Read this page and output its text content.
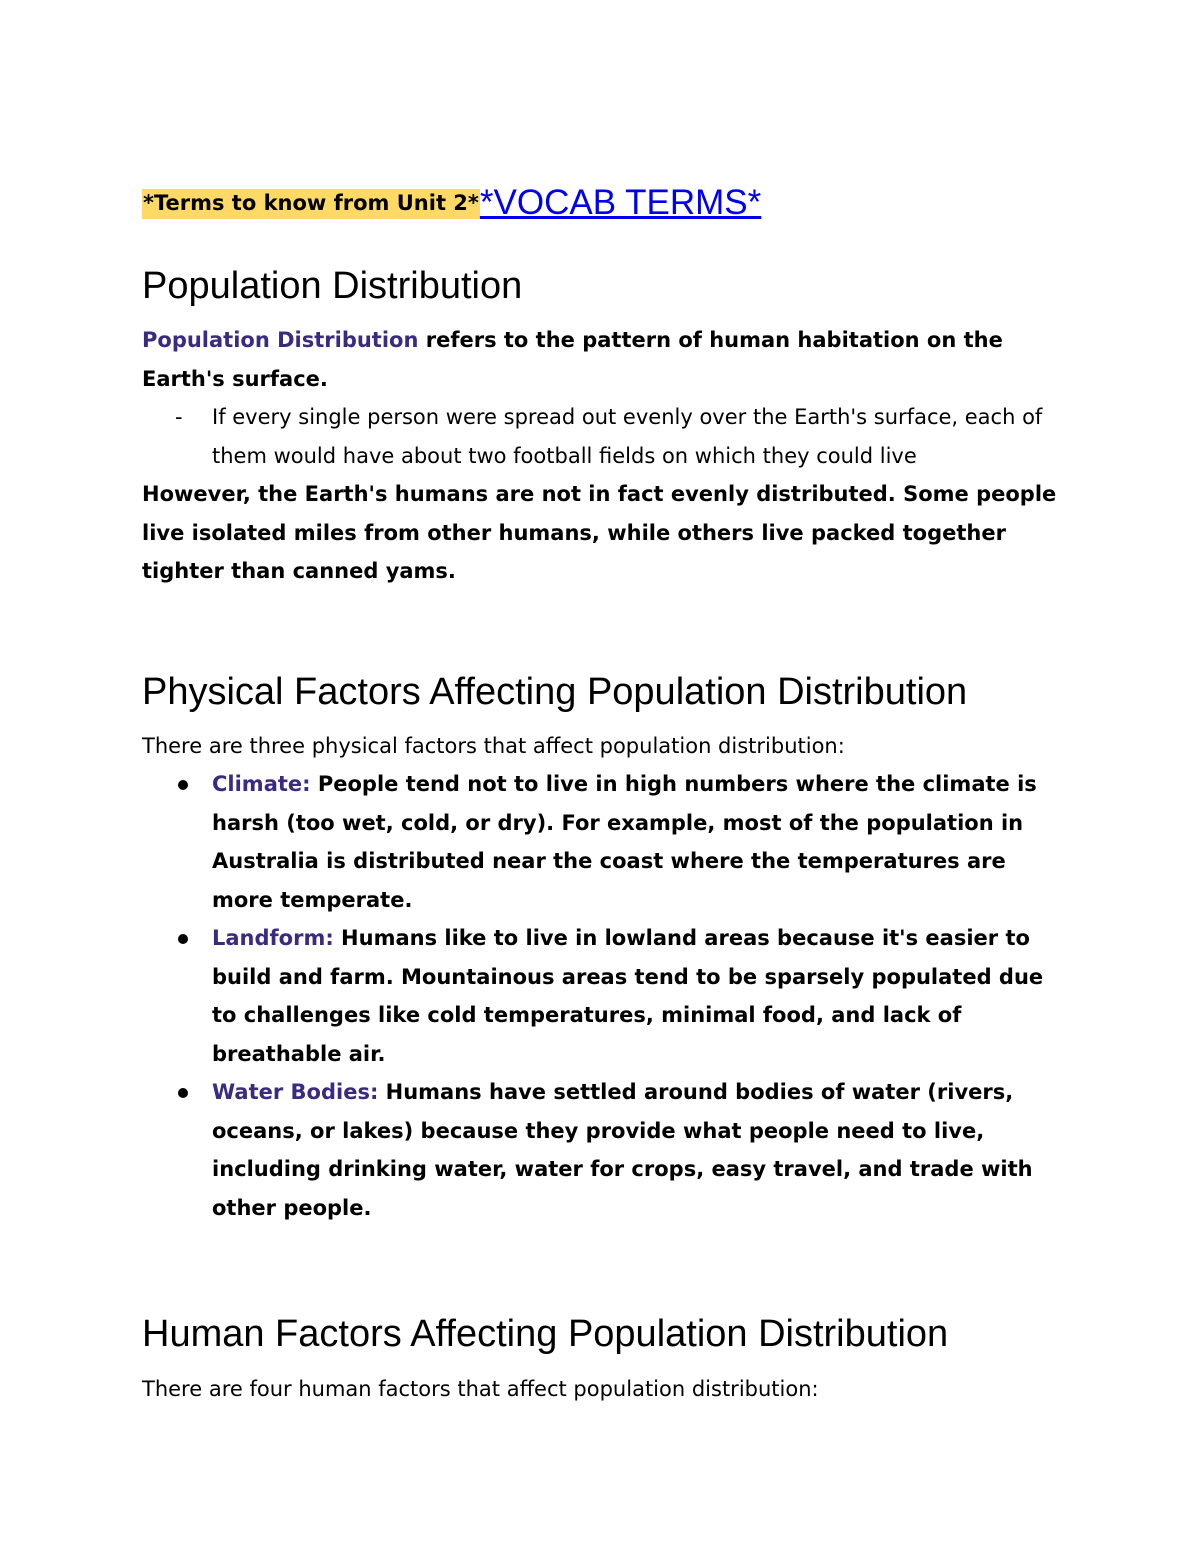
*Terms to know from Unit 2**VOCAB TERMS*
Population Distribution

Population Distribution refers to the pattern of human habitation on the Earth's surface.

- If every single person were spread out evenly over the Earth's surface, each of them would have about two football fields on which they could live

However, the Earth's humans are not in fact evenly distributed. Some people live isolated miles from other humans, while others live packed together tighter than canned yams.

Physical Factors Affecting Population Distribution

There are three physical factors that affect population distribution:

Climate: People tend not to live in high numbers where the climate is harsh (too wet, cold, or dry). For example, most of the population in Australia is distributed near the coast where the temperatures are more temperate.
Landform: Humans like to live in lowland areas because it's easier to build and farm. Mountainous areas tend to be sparsely populated due to challenges like cold temperatures, minimal food, and lack of breathable air.
Water Bodies: Humans have settled around bodies of water (rivers, oceans, or lakes) because they provide what people need to live, including drinking water, water for crops, easy travel, and trade with other people.
Human Factors Affecting Population Distribution

There are four human factors that affect population distribution:
